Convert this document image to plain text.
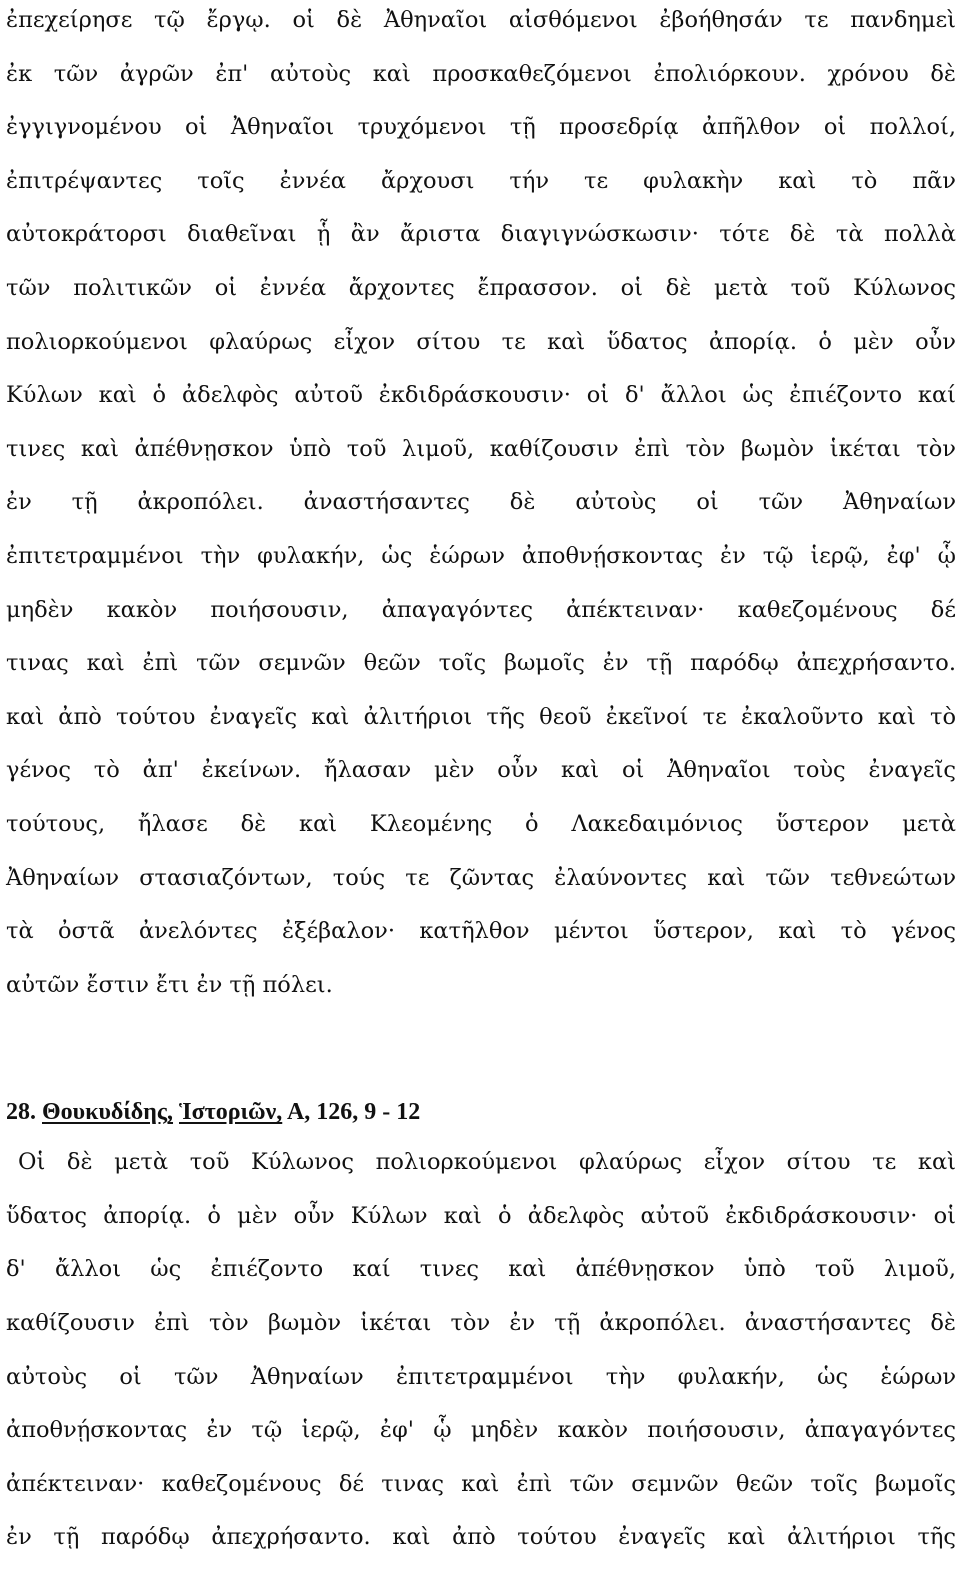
ἐπεχείρησε τῷ ἔργῳ. οἱ δὲ Ἀθηναῖοι αἰσθόμενοι ἐβοήθησάν τε πανδημεὶ
ἐκ τῶν ἀγρῶν ἐπ' αὐτοὺς καὶ προσκαθεζόμενοι ἐπολιόρκουν. χρόνου δὲ
ἐγγιγνομένου οἱ Ἀθηναῖοι τρυχόμενοι τῇ προσεδρίᾳ ἀπῆλθον οἱ πολλοί,
ἐπιτρέψαντες τοῖς ἐννέα ἄρχουσι τήν τε φυλακὴν καὶ τὸ πᾶν
αὐτοκράτορσι διαθεῖναι ᾗ ἂν ἄριστα διαγιγνώσκωσιν· τότε δὲ τὰ πολλὰ
τῶν πολιτικῶν οἱ ἐννέα ἄρχοντες ἔπρασσον. οἱ δὲ μετὰ τοῦ Κύλωνος
πολιορκούμενοι φλαύρως εἶχον σίτου τε καὶ ὕδατος ἀπορίᾳ. ὁ μὲν οὖν
Κύλων καὶ ὁ ἀδελφὸς αὐτοῦ ἐκδιδράσκουσιν· οἱ δ' ἄλλοι ὡς ἐπιέζοντο καί
τινες καὶ ἀπέθνῃσκον ὑπὸ τοῦ λιμοῦ, καθίζουσιν ἐπὶ τὸν βωμὸν ἱκέται τὸν
ἐν τῇ ἀκροπόλει. ἀναστήσαντες δὲ αὐτοὺς οἱ τῶν Ἀθηναίων
ἐπιτετραμμένοι τὴν φυλακήν, ὡς ἑώρων ἀποθνῄσκοντας ἐν τῷ ἱερῷ, ἐφ' ᾧ
μηδὲν κακὸν ποιήσουσιν, ἀπαγαγόντες ἀπέκτειναν· καθεζομένους δέ
τινας καὶ ἐπὶ τῶν σεμνῶν θεῶν τοῖς βωμοῖς ἐν τῇ παρόδῳ ἀπεχρήσαντο.
καὶ ἀπὸ τούτου ἐναγεῖς καὶ ἀλιτήριοι τῆς θεοῦ ἐκεῖνοί τε ἐκαλοῦντο καὶ τὸ
γένος τὸ ἀπ' ἐκείνων. ἤλασαν μὲν οὖν καὶ οἱ Ἀθηναῖοι τοὺς ἐναγεῖς
τούτους, ἤλασε δὲ καὶ Κλεομένης ὁ Λακεδαιμόνιος ὕστερον μετὰ
Ἀθηναίων στασιαζόντων, τούς τε ζῶντας ἐλαύνοντες καὶ τῶν τεθνεώτων
τὰ ὀστᾶ ἀνελόντες ἐξέβαλον· κατῆλθον μέντοι ὕστερον, καὶ τὸ γένος
αὐτῶν ἔστιν ἔτι ἐν τῇ πόλει.
28. Θουκυδίδης, Ἱστοριῶν, Α, 126, 9 - 12
Οἱ δὲ μετὰ τοῦ Κύλωνος πολιορκούμενοι φλαύρως εἶχον σίτου τε καὶ
ὕδατος ἀπορίᾳ. ὁ μὲν οὖν Κύλων καὶ ὁ ἀδελφὸς αὐτοῦ ἐκδιδράσκουσιν· οἱ
δ' ἄλλοι ὡς ἐπιέζοντο καί τινες καὶ ἀπέθνῃσκον ὑπὸ τοῦ λιμοῦ,
καθίζουσιν ἐπὶ τὸν βωμὸν ἱκέται τὸν ἐν τῇ ἀκροπόλει. ἀναστήσαντες δὲ
αὐτοὺς οἱ τῶν Ἀθηναίων ἐπιτετραμμένοι τὴν φυλακήν, ὡς ἑώρων
ἀποθνῄσκοντας ἐν τῷ ἱερῷ, ἐφ' ᾧ μηδὲν κακὸν ποιήσουσιν, ἀπαγαγόντες
ἀπέκτειναν· καθεζομένους δέ τινας καὶ ἐπὶ τῶν σεμνῶν θεῶν τοῖς βωμοῖς
ἐν τῇ παρόδῳ ἀπεχρήσαντο. καὶ ἀπὸ τούτου ἐναγεῖς καὶ ἀλιτήριοι τῆς
